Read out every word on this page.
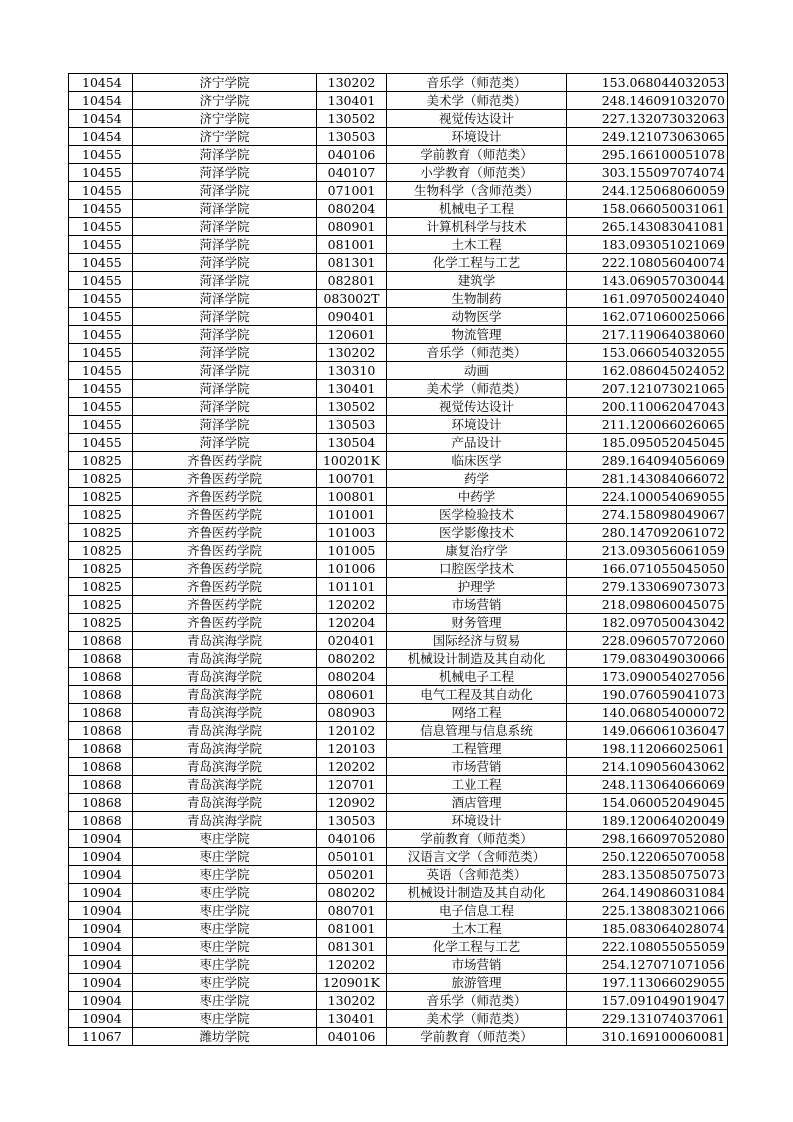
10454	济宁学院	130202	音乐学（师范类）	153.068044032053
10454	济宁学院	130401	美术学（师范类）	248.146091032070
10454	济宁学院	130502	视觉传达设计	227.132073032063
10454	济宁学院	130503	环境设计	249.121073063065
10455	菏泽学院	040106	学前教育（师范类）	295.166100051078
10455	菏泽学院	040107	小学教育（师范类）	303.155097074074
10455	菏泽学院	071001	生物科学（含师范类）	244.125068060059
10455	菏泽学院	080204	机械电子工程	158.066050031061
10455	菏泽学院	080901	计算机科学与技术	265.143083041081
10455	菏泽学院	081001	土木工程	183.093051021069
10455	菏泽学院	081301	化学工程与工艺	222.108056040074
10455	菏泽学院	082801	建筑学	143.069057030044
10455	菏泽学院	083002T	生物制药	161.097050024040
10455	菏泽学院	090401	动物医学	162.071060025066
10455	菏泽学院	120601	物流管理	217.119064038060
10455	菏泽学院	130202	音乐学（师范类）	153.066054032055
10455	菏泽学院	130310	动画	162.086045024052
10455	菏泽学院	130401	美术学（师范类）	207.121073021065
10455	菏泽学院	130502	视觉传达设计	200.110062047043
10455	菏泽学院	130503	环境设计	211.120066026065
10455	菏泽学院	130504	产品设计	185.095052045045
10825	齐鲁医药学院	100201K	临床医学	289.164094056069
10825	齐鲁医药学院	100701	药学	281.143084066072
10825	齐鲁医药学院	100801	中药学	224.100054069055
10825	齐鲁医药学院	101001	医学检验技术	274.158098049067
10825	齐鲁医药学院	101003	医学影像技术	280.147092061072
10825	齐鲁医药学院	101005	康复治疗学	213.093056061059
10825	齐鲁医药学院	101006	口腔医学技术	166.071055045050
10825	齐鲁医药学院	101101	护理学	279.133069073073
10825	齐鲁医药学院	120202	市场营销	218.098060045075
10825	齐鲁医药学院	120204	财务管理	182.097050043042
10868	青岛滨海学院	020401	国际经济与贸易	228.096057072060
10868	青岛滨海学院	080202	机械设计制造及其自动化	179.083049030066
10868	青岛滨海学院	080204	机械电子工程	173.090054027056
10868	青岛滨海学院	080601	电气工程及其自动化	190.076059041073
10868	青岛滨海学院	080903	网络工程	140.068054000072
10868	青岛滨海学院	120102	信息管理与信息系统	149.066061036047
10868	青岛滨海学院	120103	工程管理	198.112066025061
10868	青岛滨海学院	120202	市场营销	214.109056043062
10868	青岛滨海学院	120701	工业工程	248.113064066069
10868	青岛滨海学院	120902	酒店管理	154.060052049045
10868	青岛滨海学院	130503	环境设计	189.120064020049
10904	枣庄学院	040106	学前教育（师范类）	298.166097052080
10904	枣庄学院	050101	汉语言文学（含师范类）	250.122065070058
10904	枣庄学院	050201	英语（含师范类）	283.135085075073
10904	枣庄学院	080202	机械设计制造及其自动化	264.149086031084
10904	枣庄学院	080701	电子信息工程	225.138083021066
10904	枣庄学院	081001	土木工程	185.083064028074
10904	枣庄学院	081301	化学工程与工艺	222.108055055059
10904	枣庄学院	120202	市场营销	254.127071071056
10904	枣庄学院	120901K	旅游管理	197.113066029055
10904	枣庄学院	130202	音乐学（师范类）	157.091049019047
10904	枣庄学院	130401	美术学（师范类）	229.131074037061
11067	潍坊学院	040106	学前教育（师范类）	310.169100060081
